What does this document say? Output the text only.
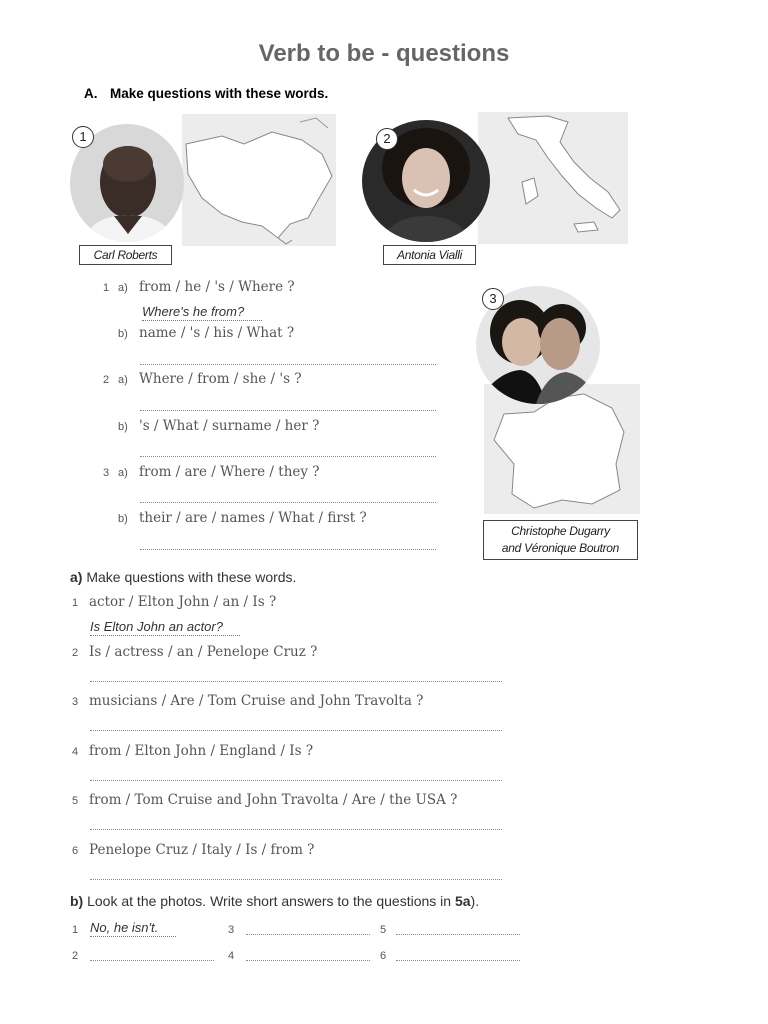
Verb to be - questions
A. Make questions with these words.
1
Carl Roberts
2
Antonia Vialli
3
Christophe Dugarry
and Véronique Boutron
1 a) from / he / 's / Where ?
Where's he from?
b) name / 's / his / What ?
2 a) Where / from / she / 's ?
b) 's / What / surname / her ?
3 a) from / are / Where / they ?
b) their / are / names / What / first ?
a) Make questions with these words.
1 actor / Elton John / an / Is ?
Is Elton John an actor?
2 Is / actress / an / Penelope Cruz ?
3 musicians / Are / Tom Cruise and John Travolta ?
4 from / Elton John / England / Is ?
5 from / Tom Cruise and John Travolta / Are / the USA ?
6 Penelope Cruz / Italy / Is / from ?
b) Look at the photos. Write short answers to the questions in 5a).
1 No, he isn't.
2
3
4
5
6
